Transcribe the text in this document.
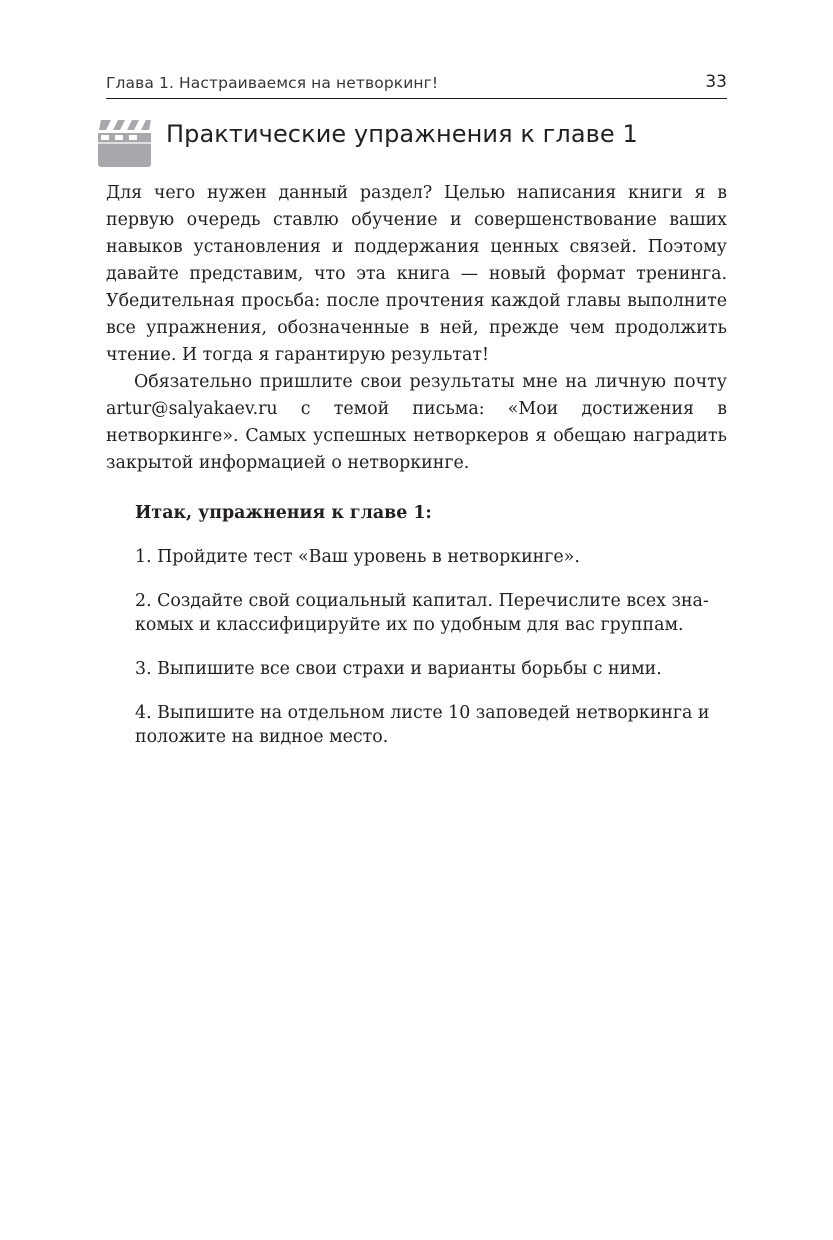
Глава 1. Настраиваемся на нетворкинг!	33
Практические упражнения к главе 1

Для чего нужен данный раздел? Целью написания книги я в первую очередь ставлю обучение и совершенствование ваших навыков установления и поддержания ценных связей. Поэтому давайте представим, что эта книга — новый формат тренинга. Убедительная просьба: после прочтения каждой главы выполните все упражнения, обозначенные в ней, прежде чем продолжить чтение. И тогда я гарантирую результат!

Обязательно пришлите свои результаты мне на личную почту artur@salyakaev.ru с темой письма: «Мои достижения в нетворкинге». Самых успешных нетворкеров я обещаю наградить закрытой информацией о нетворкинге.

Итак, упражнения к главе 1:

1. Пройдите тест «Ваш уровень в нетворкинге».

2. Создайте свой социальный капитал. Перечислите всех знакомых и классифицируйте их по удобным для вас группам.

3. Выпишите все свои страхи и варианты борьбы с ними.

4. Выпишите на отдельном листе 10 заповедей нетворкинга и положите на видное место.
